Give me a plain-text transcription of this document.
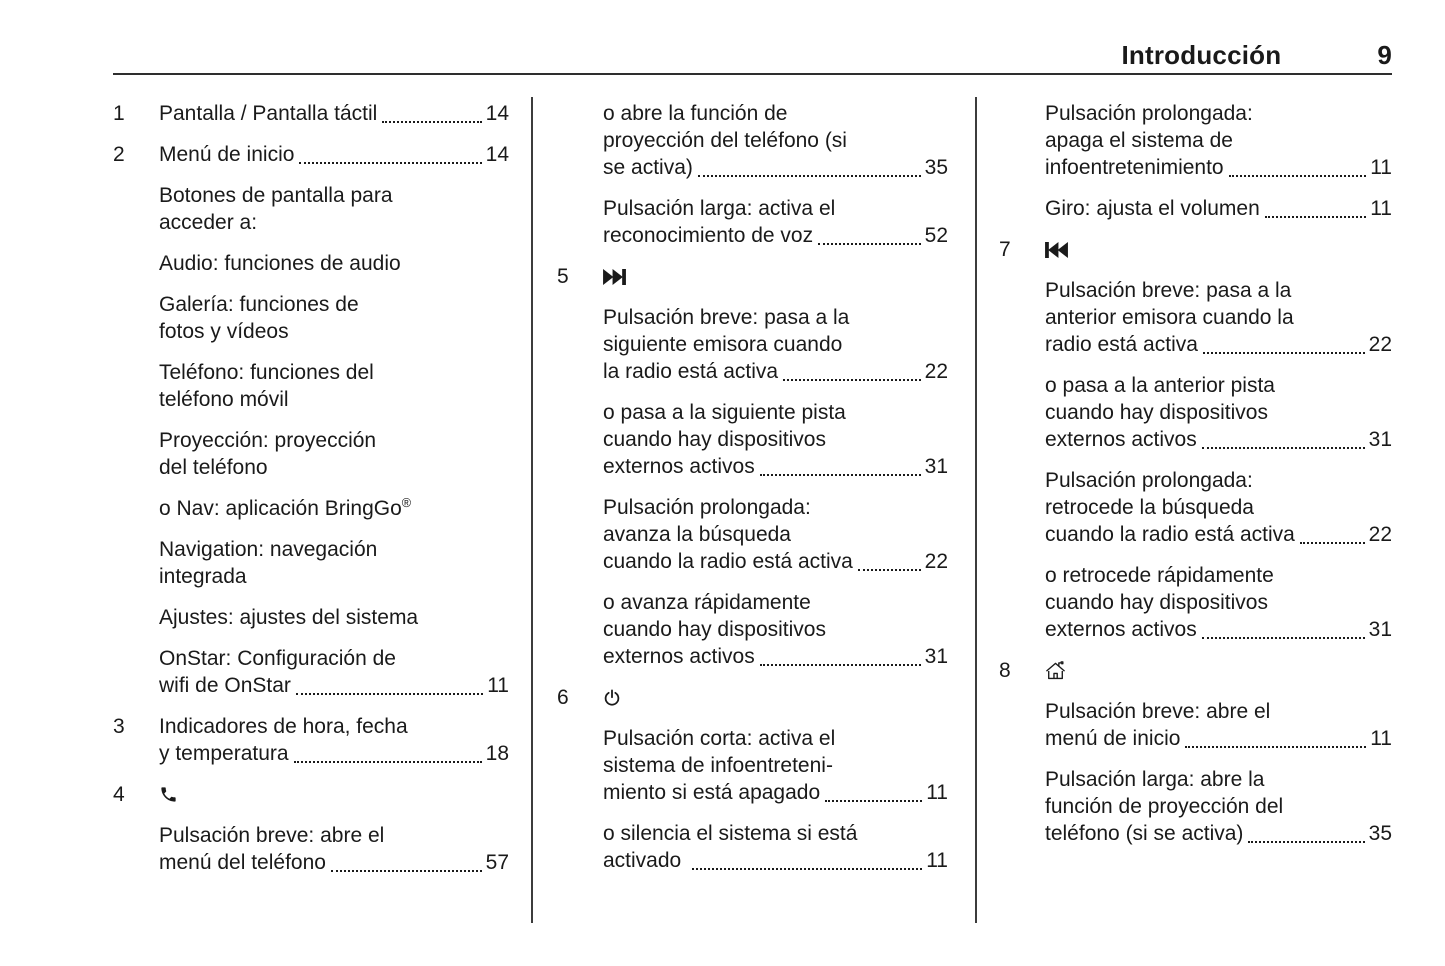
Introducción	9
1	Pantalla / Pantalla táctil	14
2	Menú de inicio	14
Botones de pantalla para
acceder a:
Audio: funciones de audio
Galería: funciones de
fotos y vídeos
Teléfono: funciones del
teléfono móvil
Proyección: proyección
del teléfono
o Nav: aplicación BringGo®
Navigation: navegación
integrada
Ajustes: ajustes del sistema
OnStar: Configuración de
wifi de OnStar	11
3	Indicadores de hora, fecha
y temperatura	18
4
Pulsación breve: abre el
menú del teléfono	57
o abre la función de
proyección del teléfono (si
se activa)	35
Pulsación larga: activa el
reconocimiento de voz	52
5
Pulsación breve: pasa a la
siguiente emisora cuando
la radio está activa	22
o pasa a la siguiente pista
cuando hay dispositivos
externos activos	31
Pulsación prolongada:
avanza la búsqueda
cuando la radio está activa	22
o avanza rápidamente
cuando hay dispositivos
externos activos	31
6
Pulsación corta: activa el
sistema de infoentreteni-
miento si está apagado	11
o silencia el sistema si está
activado	11
Pulsación prolongada:
apaga el sistema de
infoentretenimiento	11
Giro: ajusta el volumen	11
7
Pulsación breve: pasa a la
anterior emisora cuando la
radio está activa	22
o pasa a la anterior pista
cuando hay dispositivos
externos activos	31
Pulsación prolongada:
retrocede la búsqueda
cuando la radio está activa	22
o retrocede rápidamente
cuando hay dispositivos
externos activos	31
8
Pulsación breve: abre el
menú de inicio	11
Pulsación larga: abre la
función de proyección del
teléfono (si se activa)	35
